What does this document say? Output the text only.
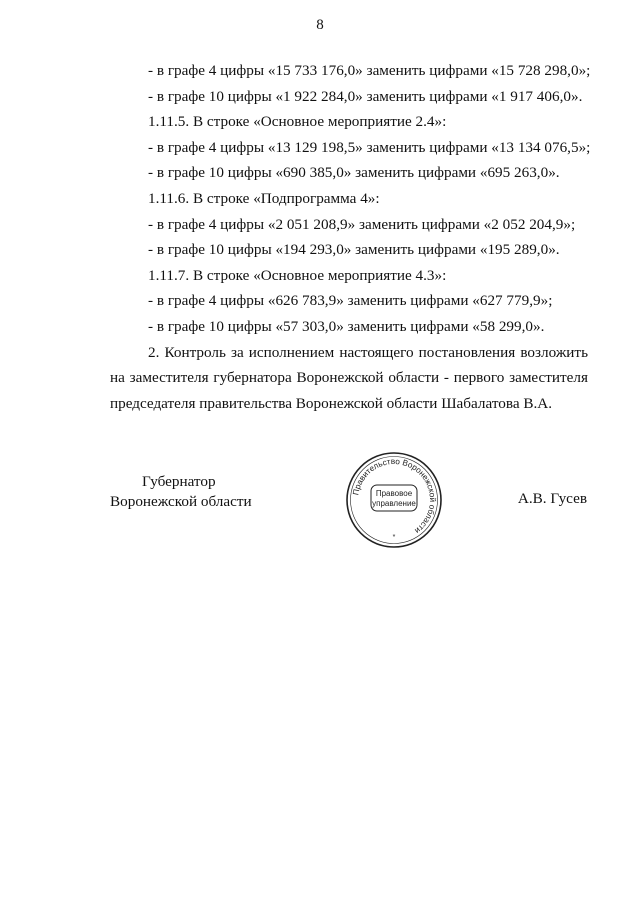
8
- в графе 4 цифры «15 733 176,0» заменить цифрами «15 728 298,0»;
- в графе 10 цифры «1 922 284,0» заменить цифрами «1 917 406,0».
1.11.5. В строке «Основное мероприятие 2.4»:
- в графе 4 цифры «13 129 198,5» заменить цифрами «13 134 076,5»;
- в графе 10 цифры «690 385,0» заменить цифрами «695 263,0».
1.11.6. В строке «Подпрограмма 4»:
- в графе 4 цифры «2 051 208,9» заменить цифрами «2 052 204,9»;
- в графе 10 цифры «194 293,0» заменить цифрами «195 289,0».
1.11.7. В строке «Основное мероприятие 4.3»:
- в графе 4 цифры «626 783,9» заменить цифрами «627 779,9»;
- в графе 10 цифры «57 303,0» заменить цифрами «58 299,0».

2. Контроль за исполнением настоящего постановления возложить на заместителя губернатора Воронежской области - первого заместителя председателя правительства Воронежской области Шабалатова В.А.

Губернатор
Воронежской области	А.В. Гусев
Правительство Воронежской области
Правовое
управление
*
